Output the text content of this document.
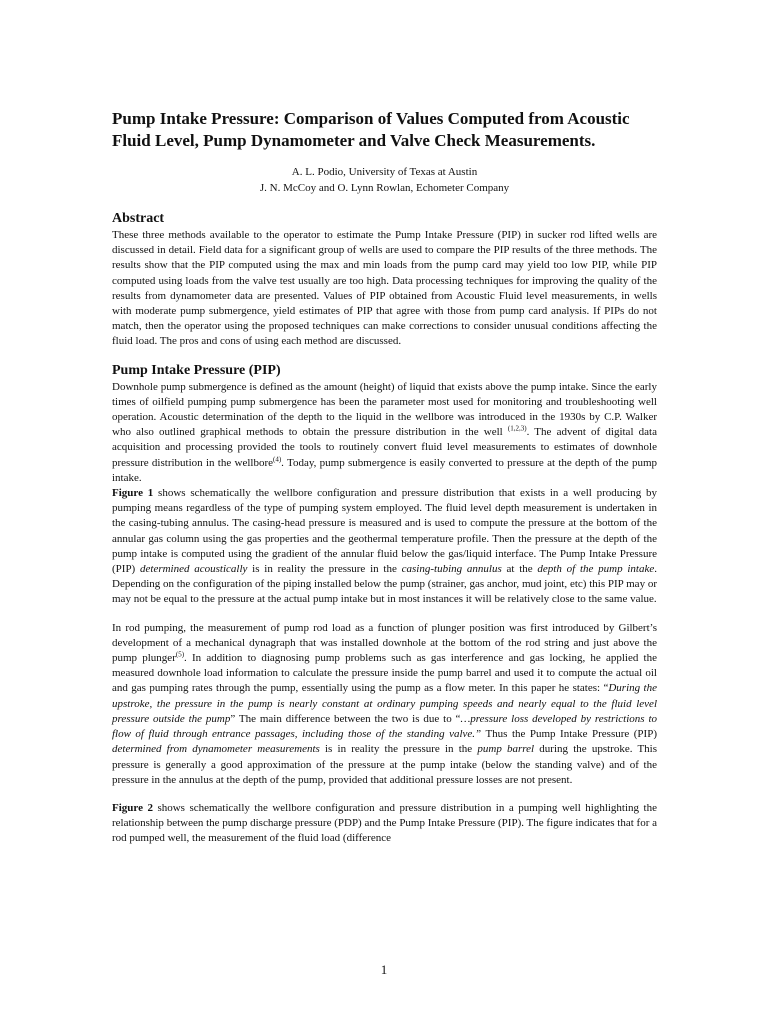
Pump Intake Pressure: Comparison of Values Computed from Acoustic Fluid Level, Pump Dynamometer and Valve Check Measurements.
A. L. Podio, University of Texas at Austin
J. N. McCoy and O. Lynn Rowlan, Echometer Company
Abstract

These three methods available to the operator to estimate the Pump Intake Pressure (PIP) in sucker rod lifted wells are discussed in detail. Field data for a significant group of wells are used to compare the PIP results of the three methods. The results show that the PIP computed using the max and min loads from the pump card may yield too low PIP, while PIP computed using loads from the valve test usually are too high. Data processing techniques for improving the quality of the results from dynamometer data are presented. Values of PIP obtained from Acoustic Fluid level measurements, in wells with moderate pump submergence, yield estimates of PIP that agree with those from pump card analysis. If PIPs do not match, then the operator using the proposed techniques can make corrections to consider unusual conditions affecting the fluid load. The pros and cons of using each method are discussed.

Pump Intake Pressure (PIP)

Downhole pump submergence is defined as the amount (height) of liquid that exists above the pump intake. Since the early times of oilfield pumping pump submergence has been the parameter most used for monitoring and troubleshooting well operation. Acoustic determination of the depth to the liquid in the wellbore was introduced in the 1930s by C.P. Walker who also outlined graphical methods to obtain the pressure distribution in the well $^{(1,2,3)}$. The advent of digital data acquisition and processing provided the tools to routinely convert fluid level measurements to estimates of downhole pressure distribution in the wellbore$^{(4)}$. Today, pump submergence is easily converted to pressure at the depth of the pump intake.

Figure 1 shows schematically the wellbore configuration and pressure distribution that exists in a well producing by pumping means regardless of the type of pumping system employed. The fluid level depth measurement is undertaken in the casing-tubing annulus. The casing-head pressure is measured and is used to compute the pressure at the bottom of the annular gas column using the gas properties and the geothermal temperature profile. Then the pressure at the depth of the pump intake is computed using the gradient of the annular fluid below the gas/liquid interface. The Pump Intake Pressure (PIP) determined acoustically is in reality the pressure in the casing-tubing annulus at the depth of the pump intake. Depending on the configuration of the piping installed below the pump (strainer, gas anchor, mud joint, etc) this PIP may or may not be equal to the pressure at the actual pump intake but in most instances it will be relatively close to the same value.

In rod pumping, the measurement of pump rod load as a function of plunger position was first introduced by Gilbert’s development of a mechanical dynagraph that was installed downhole at the bottom of the rod string and just above the pump plunger$^{(5)}$. In addition to diagnosing pump problems such as gas interference and gas locking, he applied the measured downhole load information to calculate the pressure inside the pump barrel and used it to compute the actual oil and gas pumping rates through the pump, essentially using the pump as a flow meter. In this paper he states: “During the upstroke, the pressure in the pump is nearly constant at ordinary pumping speeds and nearly equal to the fluid level pressure outside the pump” The main difference between the two is due to “…pressure loss developed by restrictions to flow of fluid through entrance passages, including those of the standing valve.” Thus the Pump Intake Pressure (PIP) determined from dynamometer measurements is in reality the pressure in the pump barrel during the upstroke. This pressure is generally a good approximation of the pressure at the pump intake (below the standing valve) and of the pressure in the annulus at the depth of the pump, provided that additional pressure losses are not present.

Figure 2 shows schematically the wellbore configuration and pressure distribution in a pumping well highlighting the relationship between the pump discharge pressure (PDP) and the Pump Intake Pressure (PIP). The figure indicates that for a rod pumped well, the measurement of the fluid load (difference

1
